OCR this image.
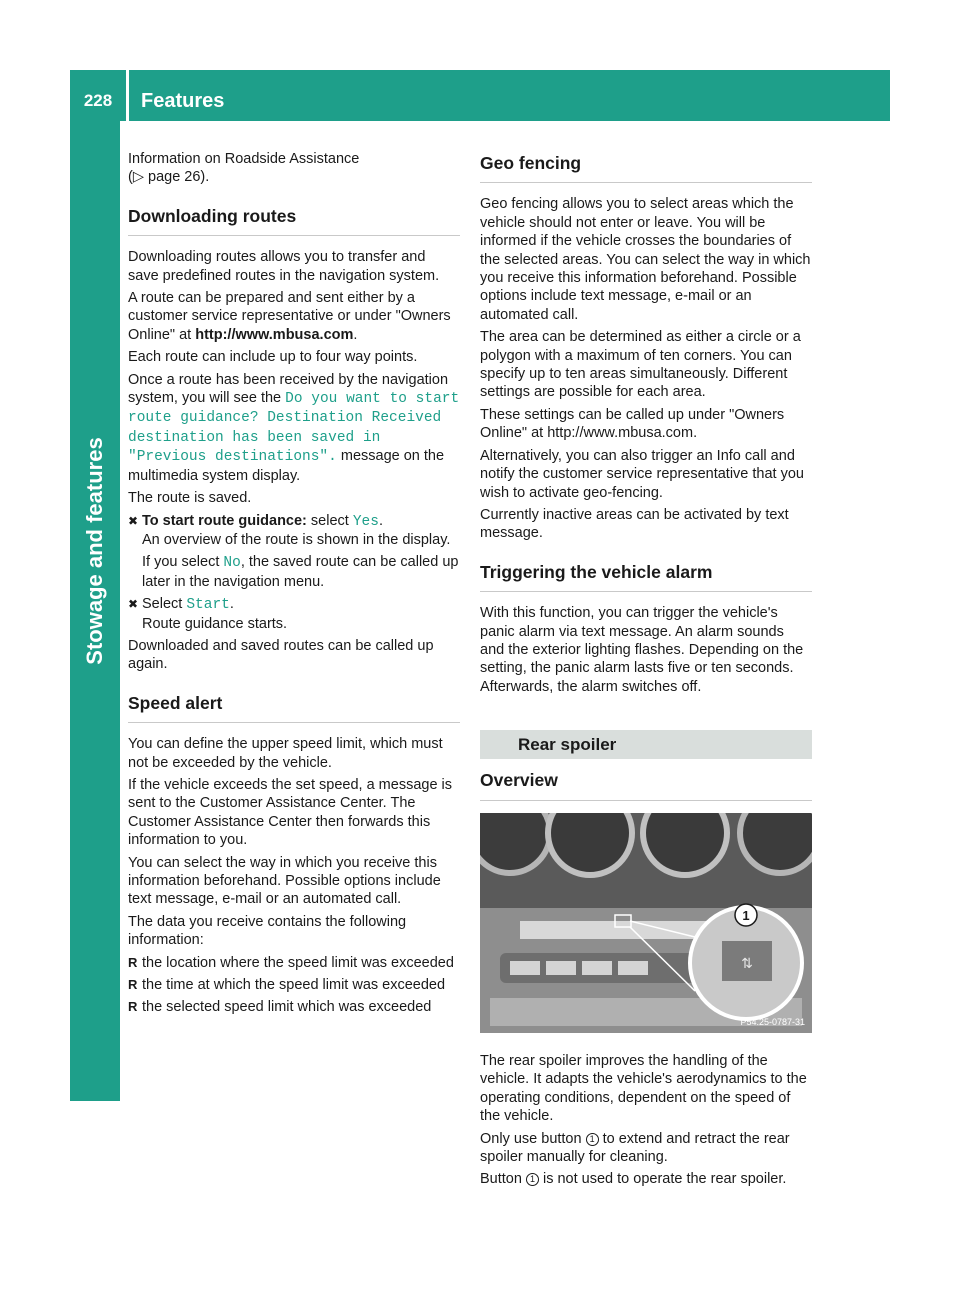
228	Features
Stowage and features

Information on Roadside Assistance
(▷ page 26).

Downloading routes

Downloading routes allows you to transfer and save predefined routes in the navigation system.

A route can be prepared and sent either by a customer service representative or under "Owners Online" at http://www.mbusa.com.

Each route can include up to four way points.

Once a route has been received by the navigation system, you will see the Do you want to start route guidance? Destination Received destination has been saved in "Previous destinations". message on the multimedia system display.

The route is saved.

✖ To start route guidance: select Yes.
An overview of the route is shown in the display.
If you select No, the saved route can be called up later in the navigation menu.
✖ Select Start.
Route guidance starts.

Downloaded and saved routes can be called up again.

Speed alert

You can define the upper speed limit, which must not be exceeded by the vehicle.

If the vehicle exceeds the set speed, a message is sent to the Customer Assistance Center. The Customer Assistance Center then forwards this information to you.

You can select the way in which you receive this information beforehand. Possible options include text message, e-mail or an automated call.

The data you receive contains the following information:

R the location where the speed limit was exceeded
R the time at which the speed limit was exceeded
R the selected speed limit which was exceeded
Geo fencing

Geo fencing allows you to select areas which the vehicle should not enter or leave. You will be informed if the vehicle crosses the boundaries of the selected areas. You can select the way in which you receive this information beforehand. Possible options include text message, e-mail or an automated call.

The area can be determined as either a circle or a polygon with a maximum of ten corners. You can specify up to ten areas simultaneously. Different settings are possible for each area.

These settings can be called up under "Owners Online" at http://www.mbusa.com.

Alternatively, you can also trigger an Info call and notify the customer service representative that you wish to activate geo-fencing.

Currently inactive areas can be activated by text message.

Triggering the vehicle alarm

With this function, you can trigger the vehicle's panic alarm via text message. An alarm sounds and the exterior lighting flashes. Depending on the setting, the panic alarm lasts five or ten seconds. Afterwards, the alarm switches off.

Rear spoiler
Overview
⇅
1
P54.25-0787-31

The rear spoiler improves the handling of the vehicle. It adapts the vehicle's aerodynamics to the operating conditions, dependent on the speed of the vehicle.

Only use button 1 to extend and retract the rear spoiler manually for cleaning.

Button 1 is not used to operate the rear spoiler.
